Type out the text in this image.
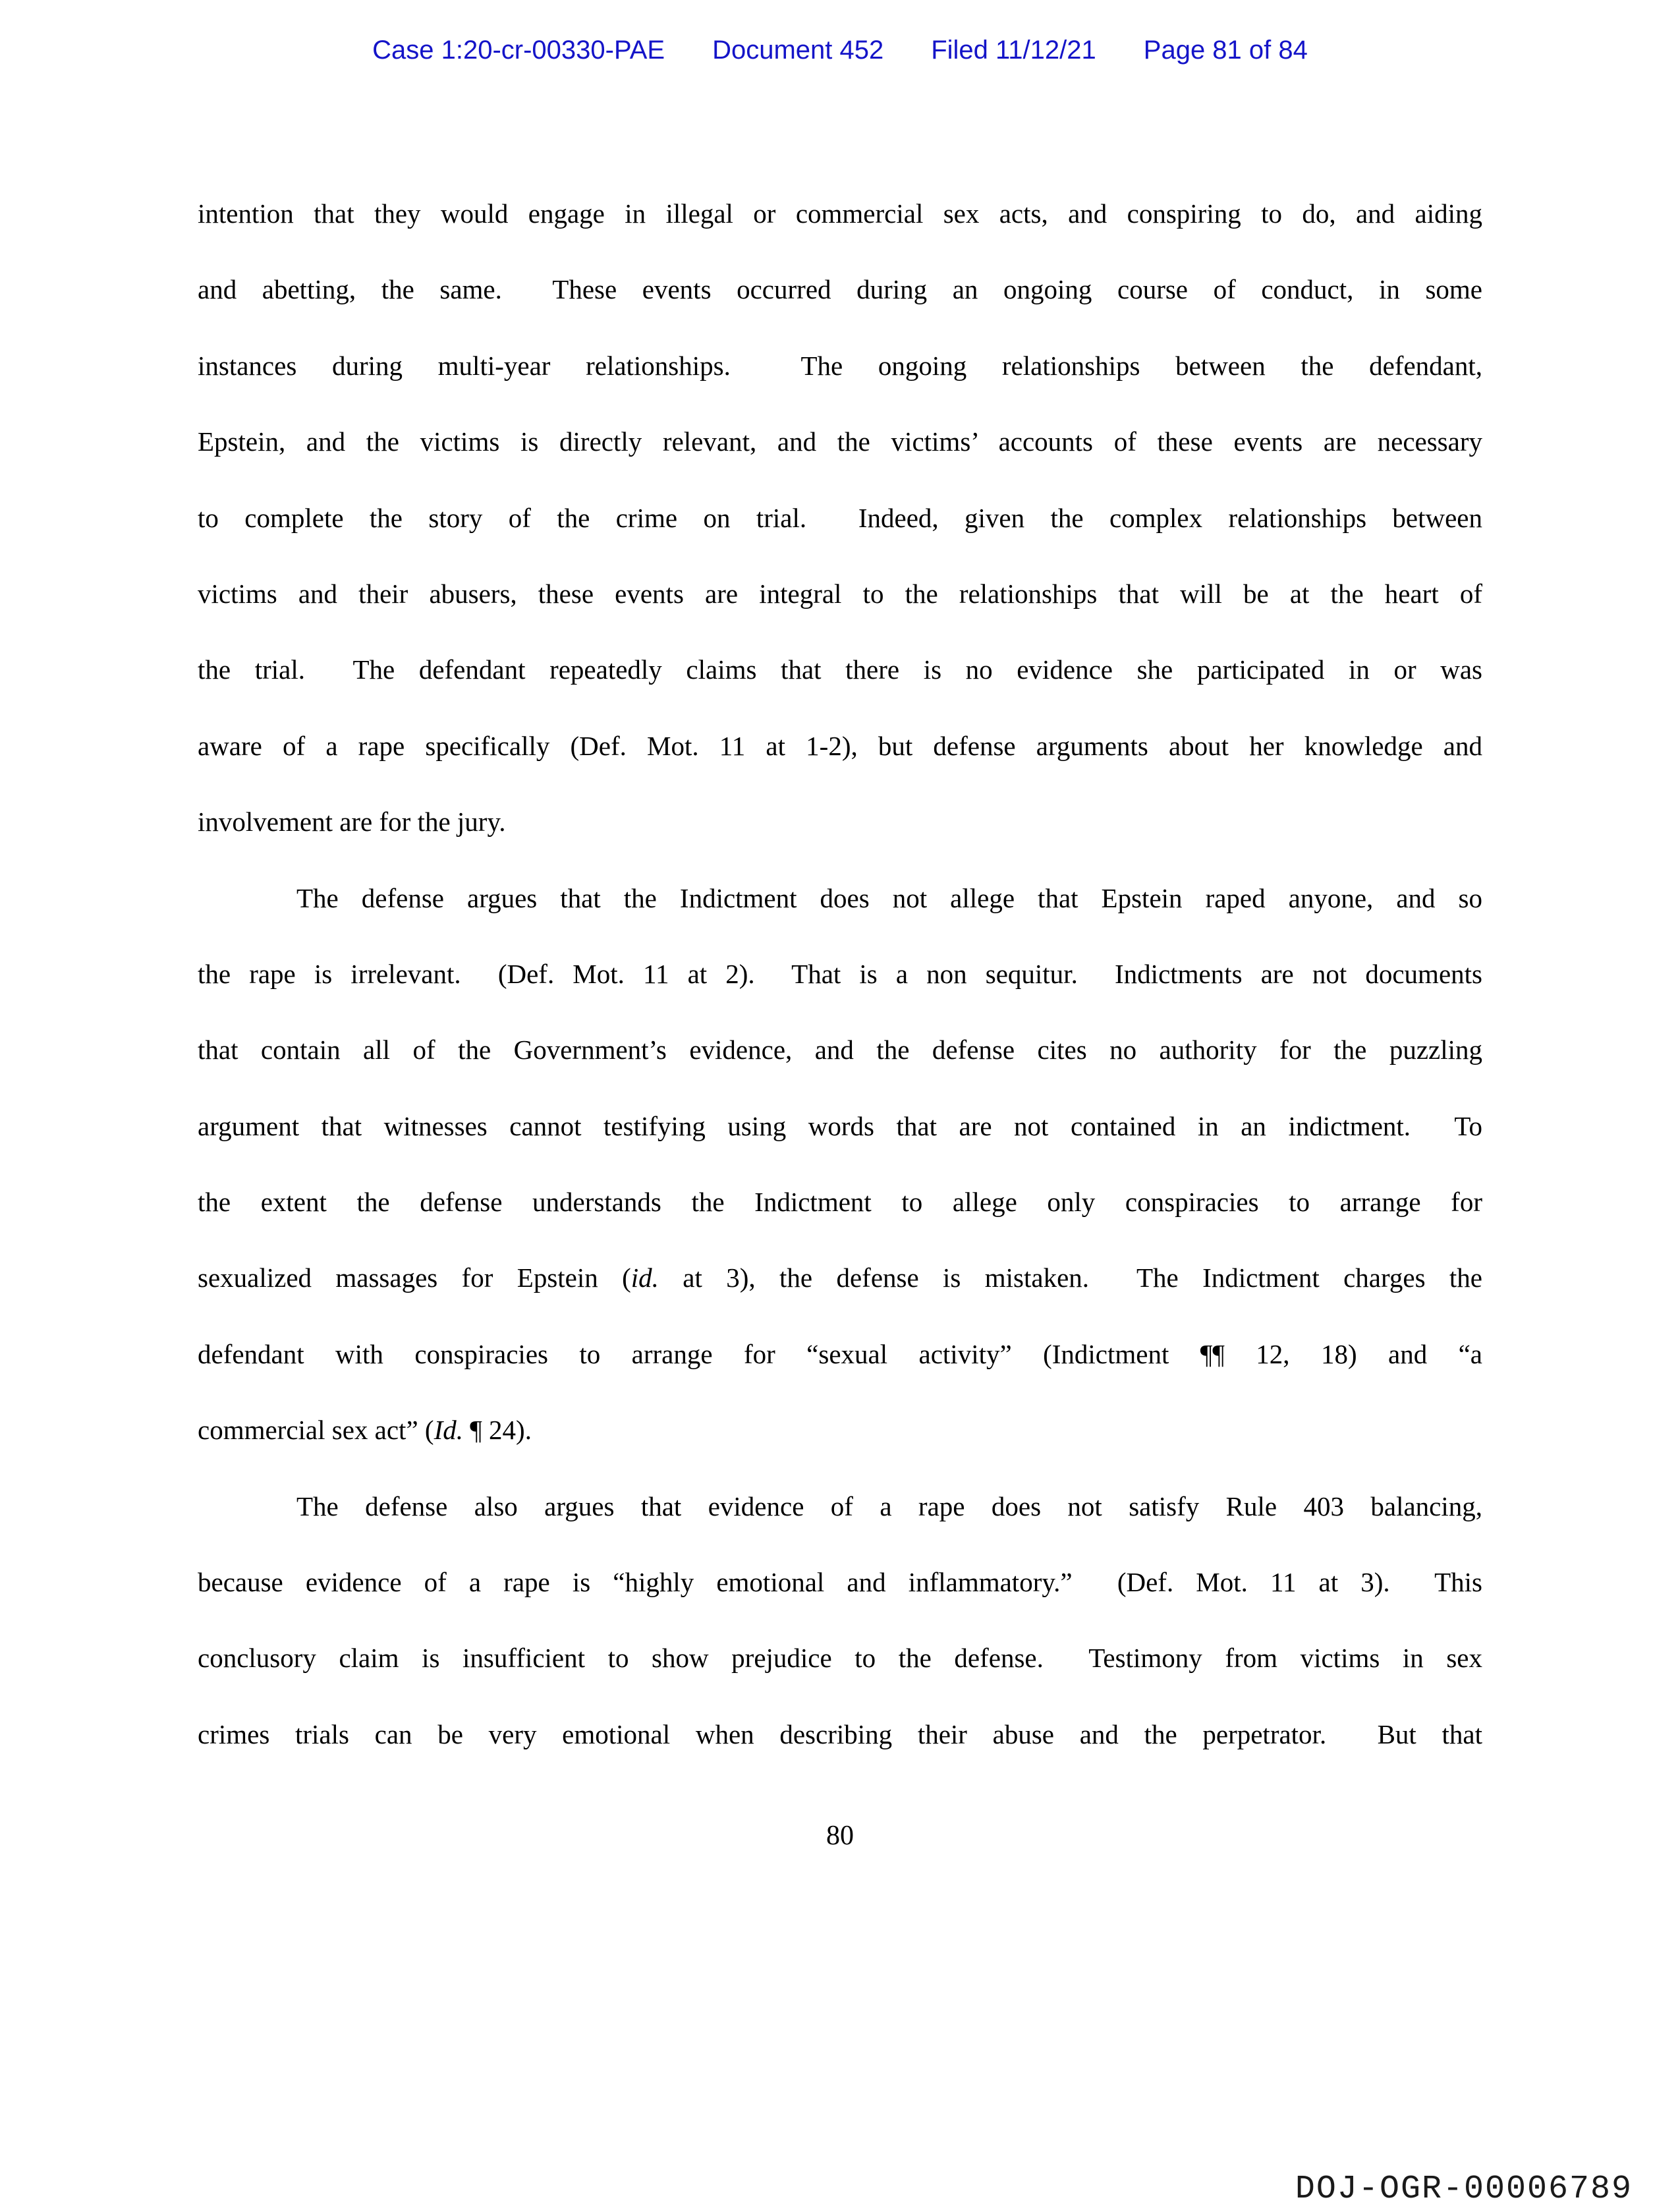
Case 1:20-cr-00330-PAE Document 452 Filed 11/12/21 Page 81 of 84
intention that they would engage in illegal or commercial sex acts, and conspiring to do, and aiding
and abetting, the same.  These events occurred during an ongoing course of conduct, in some
instances during multi-year relationships.  The ongoing relationships between the defendant,
Epstein, and the victims is directly relevant, and the victims’ accounts of these events are necessary
to complete the story of the crime on trial.  Indeed, given the complex relationships between
victims and their abusers, these events are integral to the relationships that will be at the heart of
the trial.  The defendant repeatedly claims that there is no evidence she participated in or was
aware of a rape specifically (Def. Mot. 11 at 1-2), but defense arguments about her knowledge and
involvement are for the jury.
The defense argues that the Indictment does not allege that Epstein raped anyone, and so
the rape is irrelevant.  (Def. Mot. 11 at 2).  That is a non sequitur.  Indictments are not documents
that contain all of the Government’s evidence, and the defense cites no authority for the puzzling
argument that witnesses cannot testifying using words that are not contained in an indictment.  To
the extent the defense understands the Indictment to allege only conspiracies to arrange for
sexualized massages for Epstein (id. at 3), the defense is mistaken.  The Indictment charges the
defendant with conspiracies to arrange for “sexual activity” (Indictment ¶¶ 12, 18) and “a
commercial sex act” (Id. ¶ 24).
The defense also argues that evidence of a rape does not satisfy Rule 403 balancing,
because evidence of a rape is “highly emotional and inflammatory.”  (Def. Mot. 11 at 3).  This
conclusory claim is insufficient to show prejudice to the defense.  Testimony from victims in sex
crimes trials can be very emotional when describing their abuse and the perpetrator.  But that
80
DOJ-OGR-00006789
